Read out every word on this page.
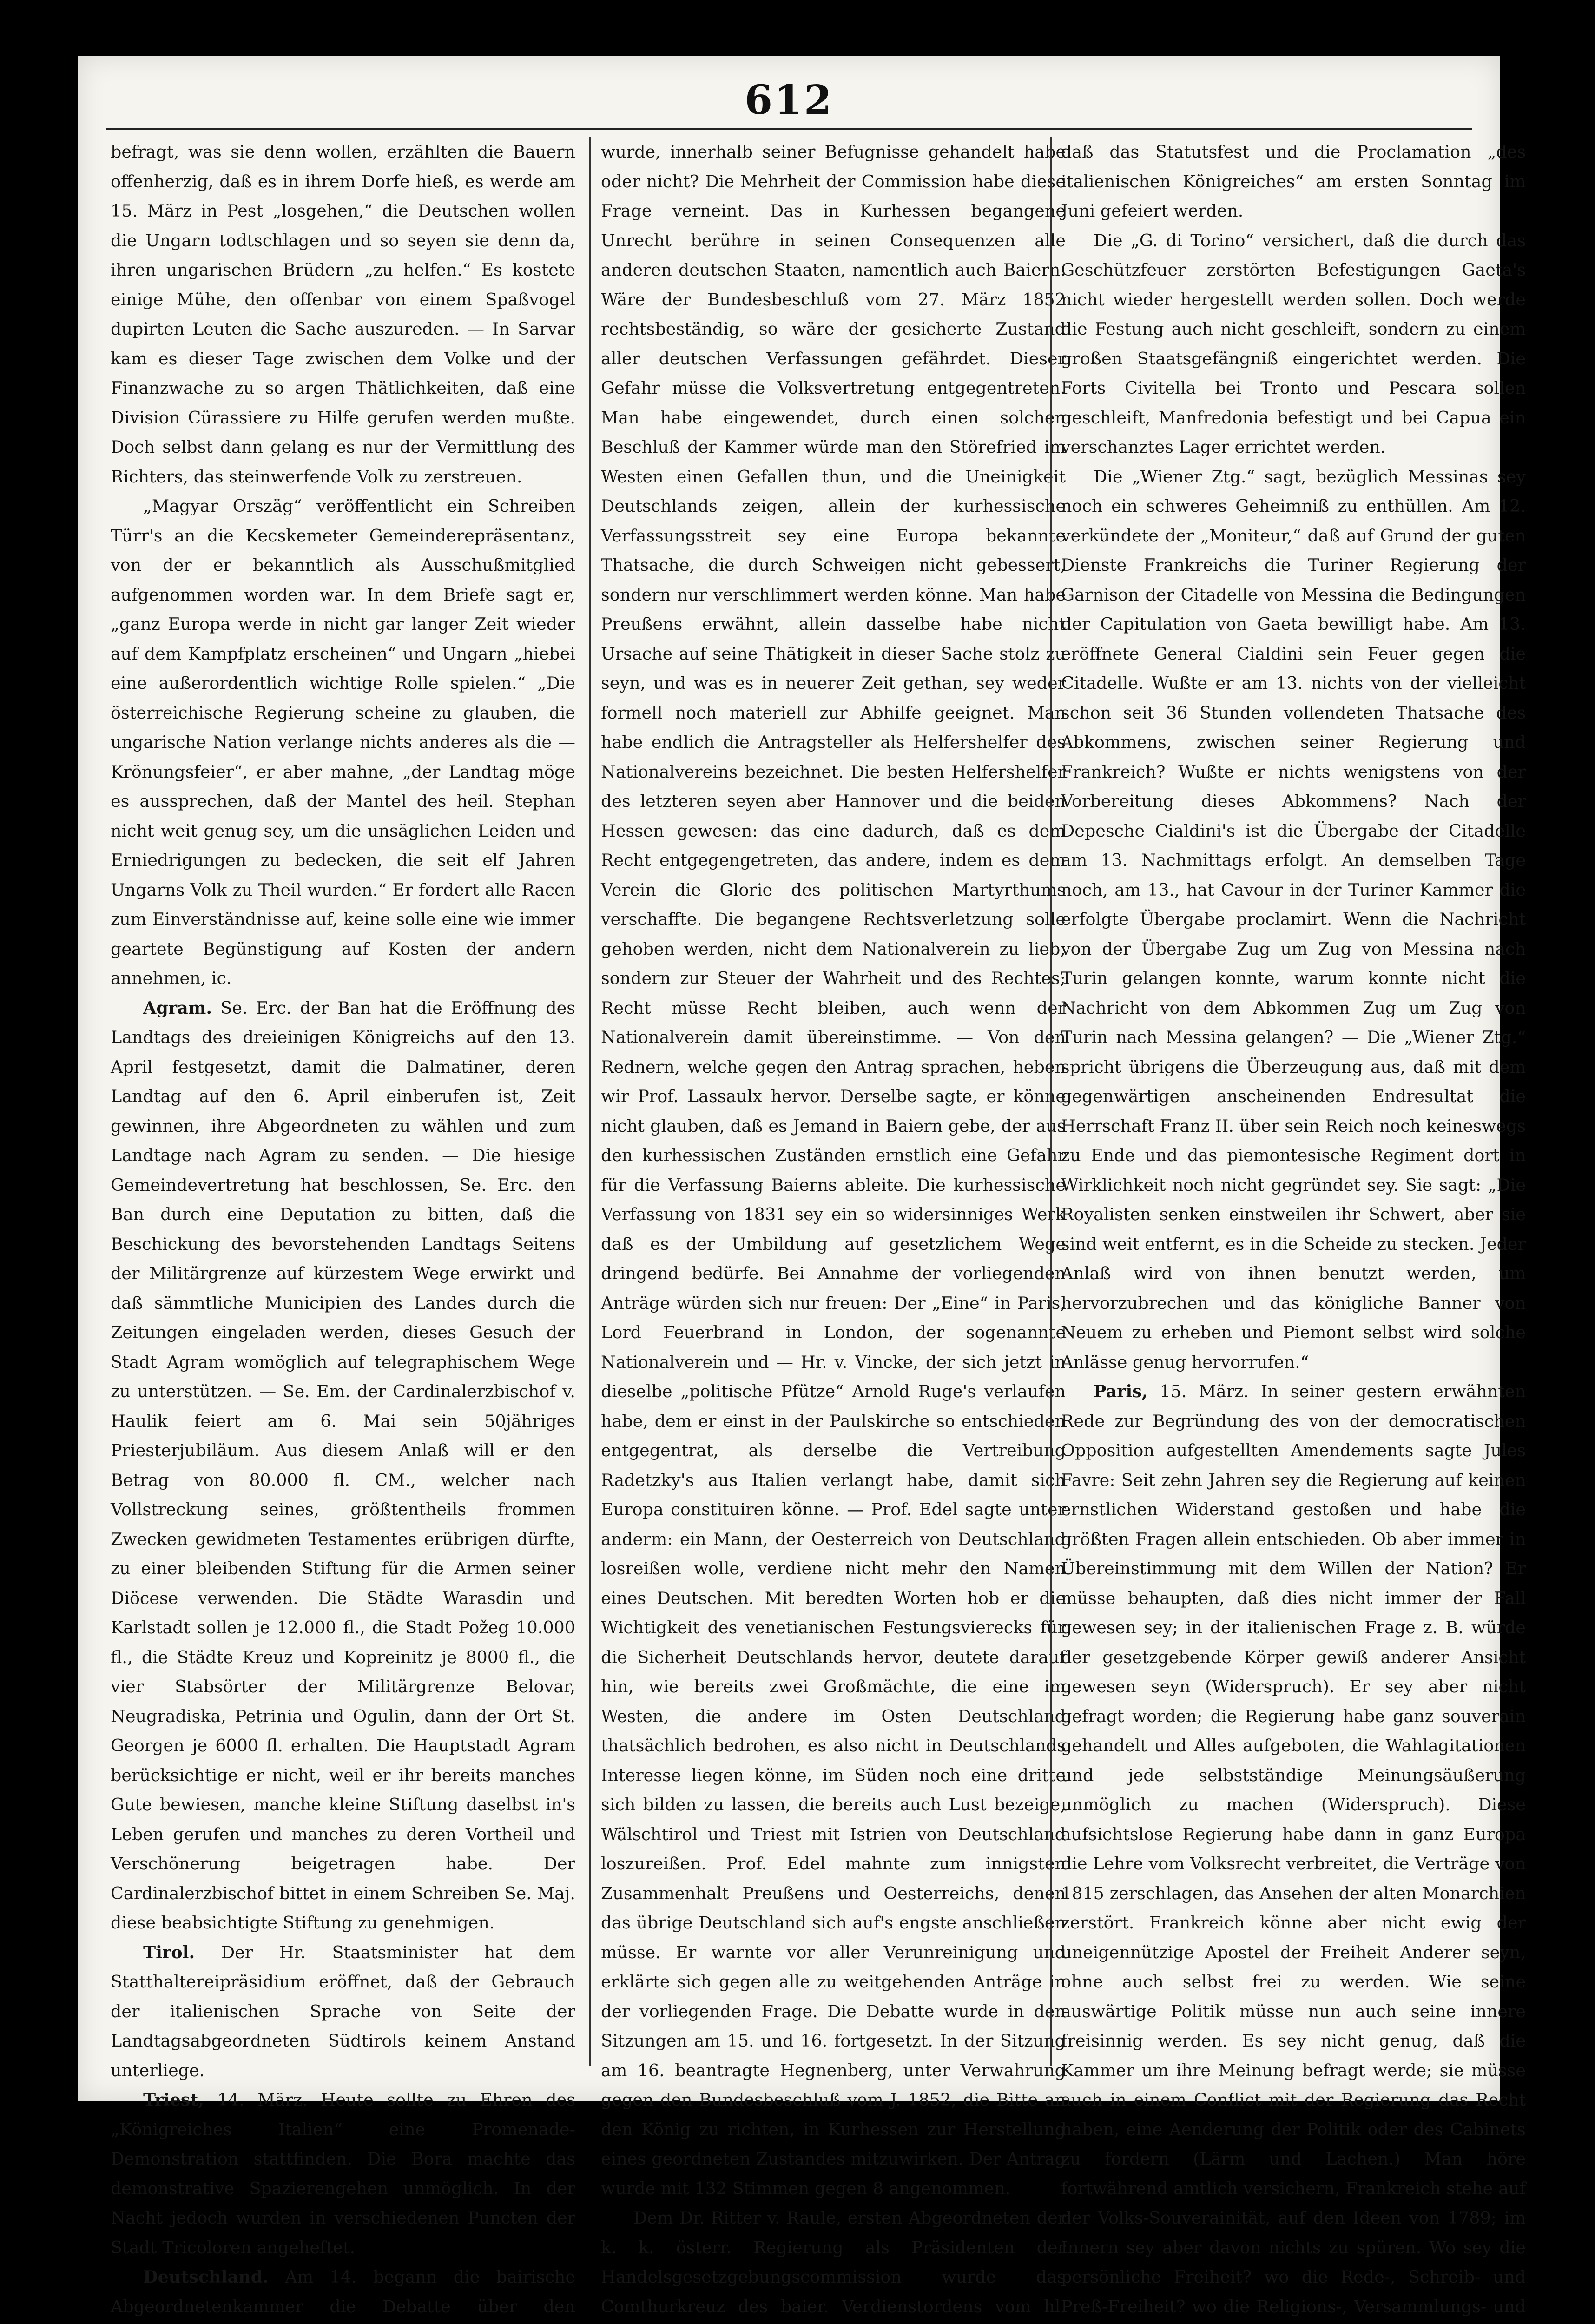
612

befragt, was sie denn wollen, erzählten die Bauern offenherzig, daß es in ihrem Dorfe hieß, es werde am 15. März in Pest „losgehen,“ die Deutschen wollen die Ungarn todtschlagen und so seyen sie denn da, ihren ungarischen Brüdern „zu helfen.“ Es kostete einige Mühe, den offenbar von einem Spaßvogel dupirten Leuten die Sache auszureden. — In Sarvar kam es dieser Tage zwischen dem Volke und der Finanzwache zu so argen Thätlichkeiten, daß eine Division Cürassiere zu Hilfe gerufen werden mußte. Doch selbst dann gelang es nur der Vermittlung des Richters, das steinwerfende Volk zu zerstreuen.

„Magyar Orszäg“ veröffentlicht ein Schreiben Türr's an die Kecskemeter Gemeinderepräsentanz, von der er bekanntlich als Ausschußmitglied aufgenommen worden war. In dem Briefe sagt er, „ganz Europa werde in nicht gar langer Zeit wieder auf dem Kampfplatz erscheinen“ und Ungarn „hiebei eine außerordentlich wichtige Rolle spielen.“ „Die österreichische Regierung scheine zu glauben, die ungarische Nation verlange nichts anderes als die — Krönungsfeier“, er aber mahne, „der Landtag möge es aussprechen, daß der Mantel des heil. Stephan nicht weit genug sey, um die unsäglichen Leiden und Erniedrigungen zu bedecken, die seit elf Jahren Ungarns Volk zu Theil wurden.“ Er fordert alle Racen zum Einverständnisse auf, keine solle eine wie immer geartete Begünstigung auf Kosten der andern annehmen, ic.

Agram. Se. Erc. der Ban hat die Eröffnung des Landtags des dreieinigen Königreichs auf den 13. April festgesetzt, damit die Dalmatiner, deren Landtag auf den 6. April einberufen ist, Zeit gewinnen, ihre Abgeordneten zu wählen und zum Landtage nach Agram zu senden. — Die hiesige Gemeindevertretung hat beschlossen, Se. Erc. den Ban durch eine Deputation zu bitten, daß die Beschickung des bevorstehenden Landtags Seitens der Militärgrenze auf kürzestem Wege erwirkt und daß sämmtliche Municipien des Landes durch die Zeitungen eingeladen werden, dieses Gesuch der Stadt Agram womöglich auf telegraphischem Wege zu unterstützen. — Se. Em. der Cardinalerzbischof v. Haulik feiert am 6. Mai sein 50jähriges Priesterjubiläum. Aus diesem Anlaß will er den Betrag von 80.000 fl. CM., welcher nach Vollstreckung seines, größtentheils frommen Zwecken gewidmeten Testamentes erübrigen dürfte, zu einer bleibenden Stiftung für die Armen seiner Diöcese verwenden. Die Städte Warasdin und Karlstadt sollen je 12.000 fl., die Stadt Požeg 10.000 fl., die Städte Kreuz und Kopreinitz je 8000 fl., die vier Stabsörter der Militärgrenze Belovar, Neugradiska, Petrinia und Ogulin, dann der Ort St. Georgen je 6000 fl. erhalten. Die Hauptstadt Agram berücksichtige er nicht, weil er ihr bereits manches Gute bewiesen, manche kleine Stiftung daselbst in's Leben gerufen und manches zu deren Vortheil und Verschönerung beigetragen habe. Der Cardinalerzbischof bittet in einem Schreiben Se. Maj. diese beabsichtigte Stiftung zu genehmigen.

Tirol. Der Hr. Staatsminister hat dem Statthaltereipräsidium eröffnet, daß der Gebrauch der italienischen Sprache von Seite der Landtagsabgeordneten Südtirols keinem Anstand unterliege.

Triest, 14. März. Heute sollte zu Ehren des „Königreiches Italien“ eine Promenade-Demonstration stattfinden. Die Bora machte das demonstrative Spazierengehen unmöglich. In der Nacht jedoch wurden in verschiedenen Puncten der Stadt Tricoloren angeheftet.

Deutschland. Am 14. begann die bairische Abgeordnetenkammer die Debatte über den

wurde, innerhalb seiner Befugnisse gehandelt habe oder nicht? Die Mehrheit der Commission habe diese Frage verneint. Das in Kurhessen begangene Unrecht berühre in seinen Consequenzen alle anderen deutschen Staaten, namentlich auch Baiern. Wäre der Bundesbeschluß vom 27. März 1852 rechtsbeständig, so wäre der gesicherte Zustand aller deutschen Verfassungen gefährdet. Dieser Gefahr müsse die Volksvertretung entgegentreten. Man habe eingewendet, durch einen solchen Beschluß der Kammer würde man den Störefried im Westen einen Gefallen thun, und die Uneinigkeit Deutschlands zeigen, allein der kurhessische Verfassungsstreit sey eine Europa bekannte Thatsache, die durch Schweigen nicht gebessert, sondern nur verschlimmert werden könne. Man habe Preußens erwähnt, allein dasselbe habe nicht Ursache auf seine Thätigkeit in dieser Sache stolz zu seyn, und was es in neuerer Zeit gethan, sey weder formell noch materiell zur Abhilfe geeignet. Man habe endlich die Antragsteller als Helfershelfer des Nationalvereins bezeichnet. Die besten Helfershelfer des letzteren seyen aber Hannover und die beiden Hessen gewesen: das eine dadurch, daß es dem Recht entgegengetreten, das andere, indem es dem Verein die Glorie des politischen Martyrthums verschaffte. Die begangene Rechtsverletzung solle gehoben werden, nicht dem Nationalverein zu lieb, sondern zur Steuer der Wahrheit und des Rechtes; Recht müsse Recht bleiben, auch wenn der Nationalverein damit übereinstimme. — Von den Rednern, welche gegen den Antrag sprachen, heben wir Prof. Lassaulx hervor. Derselbe sagte, er könne nicht glauben, daß es Jemand in Baiern gebe, der aus den kurhessischen Zuständen ernstlich eine Gefahr für die Verfassung Baierns ableite. Die kurhessische Verfassung von 1831 sey ein so widersinniges Werk daß es der Umbildung auf gesetzlichem Wege dringend bedürfe. Bei Annahme der vorliegenden Anträge würden sich nur freuen: Der „Eine“ in Paris, Lord Feuerbrand in London, der sogenannte Nationalverein und — Hr. v. Vincke, der sich jetzt in dieselbe „politische Pfütze“ Arnold Ruge's verlaufen habe, dem er einst in der Paulskirche so entschieden entgegentrat, als derselbe die Vertreibung Radetzky's aus Italien verlangt habe, damit sich Europa constituiren könne. — Prof. Edel sagte unter anderm: ein Mann, der Oesterreich von Deutschland losreißen wolle, verdiene nicht mehr den Namen eines Deutschen. Mit beredten Worten hob er die Wichtigkeit des venetianischen Festungsvierecks für die Sicherheit Deutschlands hervor, deutete darauf hin, wie bereits zwei Großmächte, die eine im Westen, die andere im Osten Deutschland thatsächlich bedrohen, es also nicht in Deutschlands Interesse liegen könne, im Süden noch eine dritte sich bilden zu lassen, die bereits auch Lust bezeige, Wälschtirol und Triest mit Istrien von Deutschland loszureißen. Prof. Edel mahnte zum innigsten Zusammenhalt Preußens und Oesterreichs, denen das übrige Deutschland sich auf's engste anschließen müsse. Er warnte vor aller Verunreinigung und erklärte sich gegen alle zu weitgehenden Anträge in der vorliegenden Frage. Die Debatte wurde in den Sitzungen am 15. und 16. fortgesetzt. In der Sitzung am 16. beantragte Hegnenberg, unter Verwahrung gegen den Bundesbeschluß vom J. 1852, die Bitte an den König zu richten, in Kurhessen zur Herstellung eines geordneten Zustandes mitzuwirken. Der Antrag wurde mit 132 Stimmen gegen 8 angenommen.

Dem Dr. Ritter v. Raule, ersten Abgeordneten der k. k. österr. Regierung als Präsidenten der Handelsgesetzgebungscommission wurde das Comthurkreuz des baier. Verdienstordens vom hl.

daß das Statutsfest und die Proclamation „des italienischen Königreiches“ am ersten Sonntag im Juni gefeiert werden.

Die „G. di Torino“ versichert, daß die durch das Geschützfeuer zerstörten Befestigungen Gaeta's nicht wieder hergestellt werden sollen. Doch werde die Festung auch nicht geschleift, sondern zu einem großen Staatsgefängniß eingerichtet werden. Die Forts Civitella bei Tronto und Pescara sollen geschleift, Manfredonia befestigt und bei Capua ein verschanztes Lager errichtet werden.

Die „Wiener Ztg.“ sagt, bezüglich Messinas sey noch ein schweres Geheimniß zu enthüllen. Am 12. verkündete der „Moniteur,“ daß auf Grund der guten Dienste Frankreichs die Turiner Regierung der Garnison der Citadelle von Messina die Bedingungen der Capitulation von Gaeta bewilligt habe. Am 13. eröffnete General Cialdini sein Feuer gegen die Citadelle. Wußte er am 13. nichts von der vielleicht schon seit 36 Stunden vollendeten Thatsache des Abkommens, zwischen seiner Regierung und Frankreich? Wußte er nichts wenigstens von der Vorbereitung dieses Abkommens? Nach der Depesche Cialdini's ist die Übergabe der Citadelle am 13. Nachmittags erfolgt. An demselben Tage noch, am 13., hat Cavour in der Turiner Kammer die erfolgte Übergabe proclamirt. Wenn die Nachricht von der Übergabe Zug um Zug von Messina nach Turin gelangen konnte, warum konnte nicht die Nachricht von dem Abkommen Zug um Zug von Turin nach Messina gelangen? — Die „Wiener Ztg.“ spricht übrigens die Überzeugung aus, daß mit dem gegenwärtigen anscheinenden Endresultat die Herrschaft Franz II. über sein Reich noch keineswegs zu Ende und das piemontesische Regiment dort in Wirklichkeit noch nicht gegründet sey. Sie sagt: „Die Royalisten senken einstweilen ihr Schwert, aber sie sind weit entfernt, es in die Scheide zu stecken. Jeder Anlaß wird von ihnen benutzt werden, um hervorzubrechen und das königliche Banner von Neuem zu erheben und Piemont selbst wird solche Anlässe genug hervorrufen.“

Paris, 15. März. In seiner gestern erwähnten Rede zur Begründung des von der democratischen Opposition aufgestellten Amendements sagte Jules Favre: Seit zehn Jahren sey die Regierung auf keinen ernstlichen Widerstand gestoßen und habe die größten Fragen allein entschieden. Ob aber immer in Übereinstimmung mit dem Willen der Nation? Er müsse behaupten, daß dies nicht immer der Fall gewesen sey; in der italienischen Frage z. B. würde der gesetzgebende Körper gewiß anderer Ansicht gewesen seyn (Widerspruch). Er sey aber nicht gefragt worden; die Regierung habe ganz souverain gehandelt und Alles aufgeboten, die Wahlagitationen und jede selbstständige Meinungsäußerung unmöglich zu machen (Widerspruch). Diese aufsichtslose Regierung habe dann in ganz Europa die Lehre vom Volksrecht verbreitet, die Verträge von 1815 zerschlagen, das Ansehen der alten Monarchien zerstört. Frankreich könne aber nicht ewig der uneigennützige Apostel der Freiheit Anderer seyn, ohne auch selbst frei zu werden. Wie seine auswärtige Politik müsse nun auch seine innere freisinnig werden. Es sey nicht genug, daß die Kammer um ihre Meinung befragt werde; sie müsse auch in einem Conflict mit der Regierung das Recht haben, eine Aenderung der Politik oder des Cabinets zu fordern (Lärm und Lachen.) Man höre fortwährend amtlich versichern, Frankreich stehe auf der Volks-Souverainität, auf den Ideen von 1789; im Innern sey aber davon nichts zu spüren. Wo sey die persönliche Freiheit? wo die Rede-, Schreib- und Preß-Freiheit? wo die Religions-, Versammlungs- und
